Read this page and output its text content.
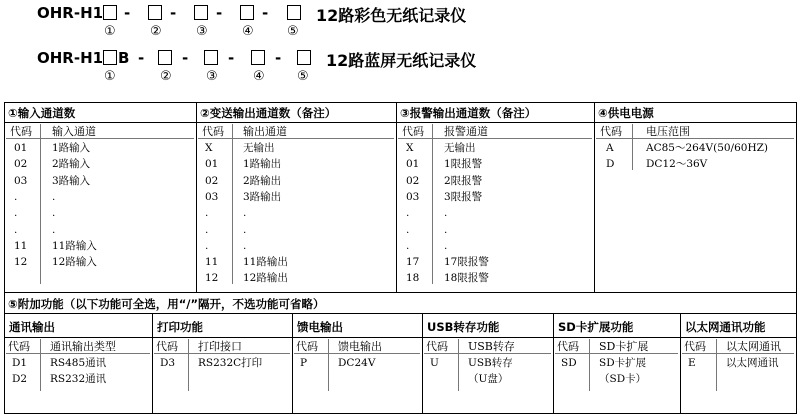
OHR-H1 -	-	-	-	12路彩色无纸记录仪
①	②	③	④	⑤
OHR-H1 B -	-	-	-	12路蓝屏无纸记录仪
①	②	③	④ ⑤
①输入通道数	②变送输出通道数（备注）	③报警输出通道数（备注）	④供电电源
代码 输入通道
01 1路输入
02 2路输入
03 3路输入
.	.
.	.
.	.
11 11路输入
12 12路输入
代码 输出通道
X	无输出
01 1路输出
02 2路输出
03 3路输出
.	.
.	.
.	.
11 11路输出
12 12路输出
代码 报警通道
X	无输出
01 1限报警
02 2限报警
03 3限报警
.	.
.	.
.	.
17 17限报警
18 18限报警
代码 电压范围
A	AC85～264V(50/60HZ)
D	DC12～36V
⑤附加功能（以下功能可全选，用“/”隔开，不选功能可省略）
通讯输出
代码 通讯输出类型
D1 RS485通讯
D2 RS232通讯
打印功能
代码 打印接口
D3 RS232C打印
馈电输出
代码 馈电输出
P	DC24V
USB转存功能
代码 USB转存
U	USB转存
（U盘）
SD卡扩展功能
代码 SD卡扩展
SD SD卡扩展
（SD卡）
以太网通讯功能
代码 以太网通讯
E	以太网通讯
